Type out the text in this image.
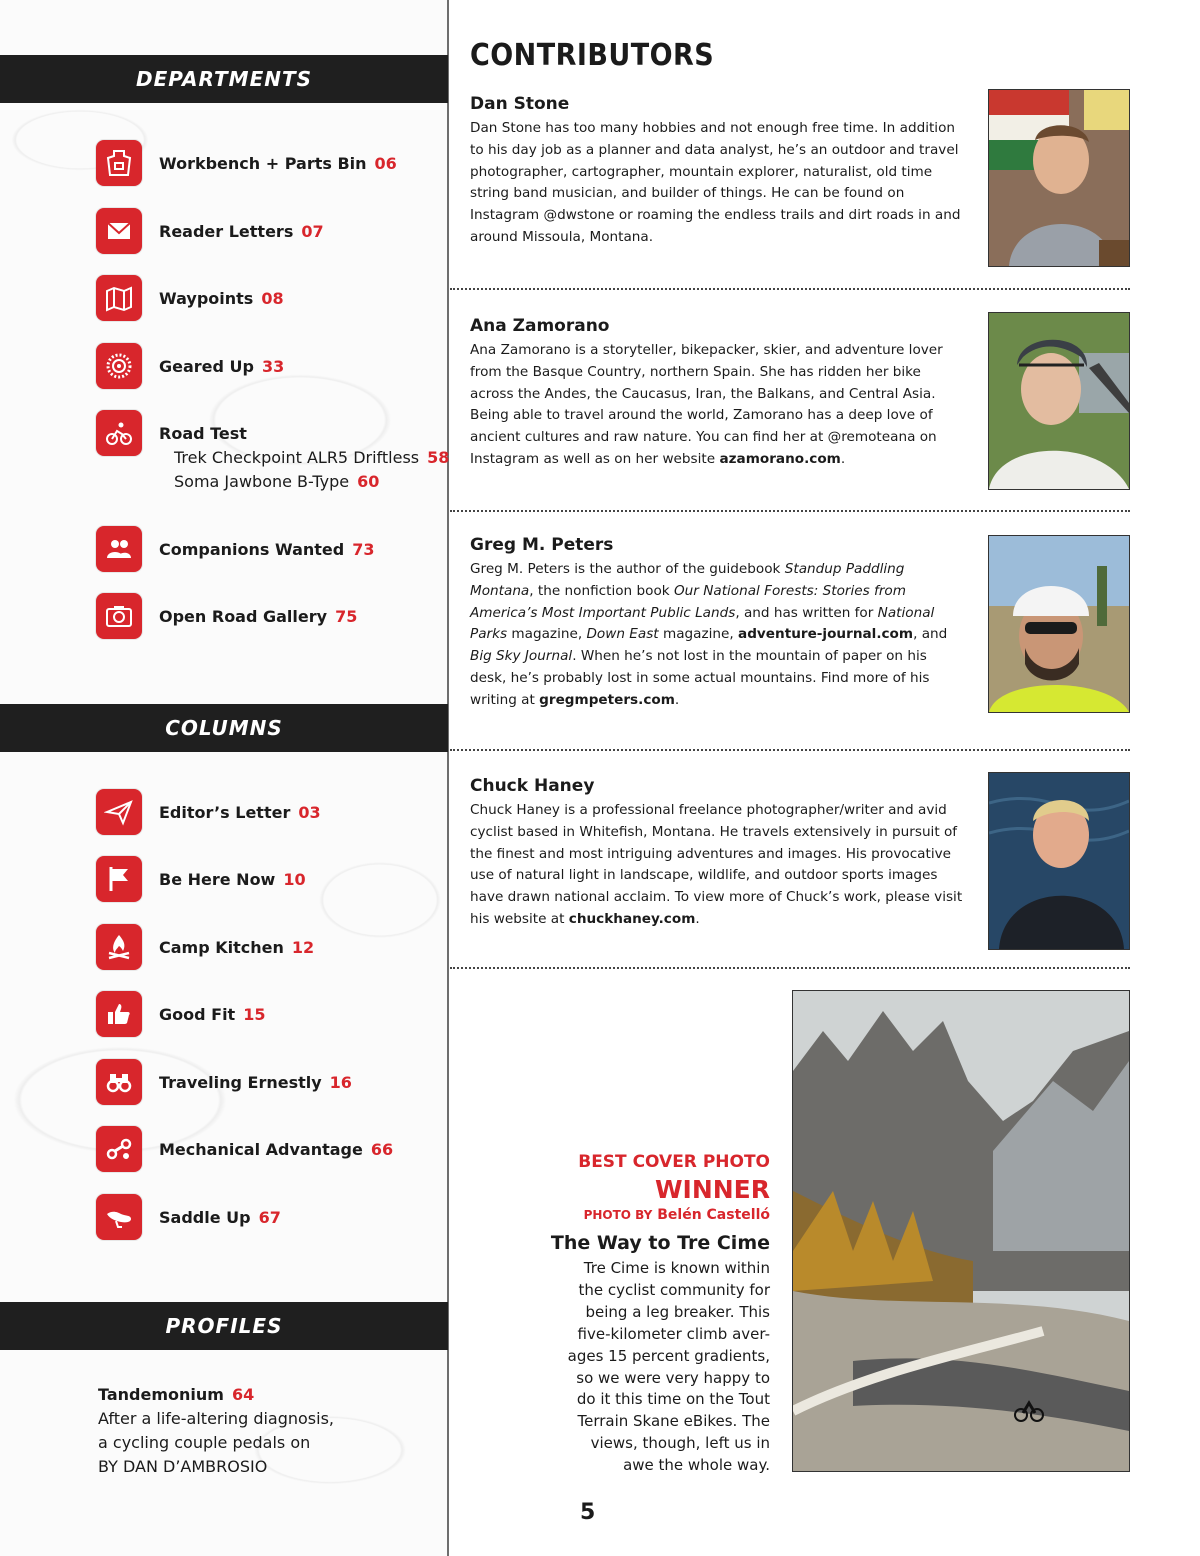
DEPARTMENTS
Workbench + Parts Bin 06
Reader Letters 07
Waypoints 08
Geared Up 33
Road Test
Trek Checkpoint ALR5 Driftless 58
Soma Jawbone B-Type 60
Companions Wanted 73
Open Road Gallery 75
COLUMNS
Editor’s Letter 03
Be Here Now 10
Camp Kitchen 12
Good Fit 15
Traveling Ernestly 16
Mechanical Advantage 66
Saddle Up 67
PROFILES
Tandemonium 64
After a life-altering diagnosis,
a cycling couple pedals on
BY DAN D’AMBROSIO
CONTRIBUTORS
Dan Stone
Dan Stone has too many hobbies and not enough free time. In addition to his day job as a planner and data analyst, he’s an outdoor and travel photographer, cartographer, mountain explorer, naturalist, old time string band musician, and builder of things. He can be found on Instagram @dwstone or roaming the endless trails and dirt roads in and around Missoula, Montana.
Ana Zamorano
Ana Zamorano is a storyteller, bikepacker, skier, and adventure lover from the Basque Country, northern Spain. She has ridden her bike across the Andes, the Caucasus, Iran, the Balkans, and Central Asia. Being able to travel around the world, Zamorano has a deep love of ancient cultures and raw nature. You can find her at @remoteana on Instagram as well as on her website azamorano.com.
Greg M. Peters
Greg M. Peters is the author of the guidebook Standup Paddling Montana, the nonfiction book Our National Forests: Stories from America’s Most Important Public Lands, and has written for National Parks magazine, Down East magazine, adventure-journal.com, and Big Sky Journal. When he’s not lost in the mountain of paper on his desk, he’s probably lost in some actual mountains. Find more of his writing at gregmpeters.com.
Chuck Haney
Chuck Haney is a professional freelance photographer/writer and avid cyclist based in Whitefish, Montana. He travels extensively in pursuit of the finest and most intriguing adventures and images. His provocative use of natural light in landscape, wildlife, and outdoor sports images have drawn national acclaim. To view more of Chuck’s work, please visit his website at chuckhaney.com.
BEST COVER PHOTO
WINNER
PHOTO BY Belén Castelló
The Way to Tre Cime
Tre Cime is known within
the cyclist community for
being a leg breaker. This
five-kilometer climb aver-
ages 15 percent gradients,
so we were very happy to
do it this time on the Tout
Terrain Skane eBikes. The
views, though, left us in
awe the whole way.
5
